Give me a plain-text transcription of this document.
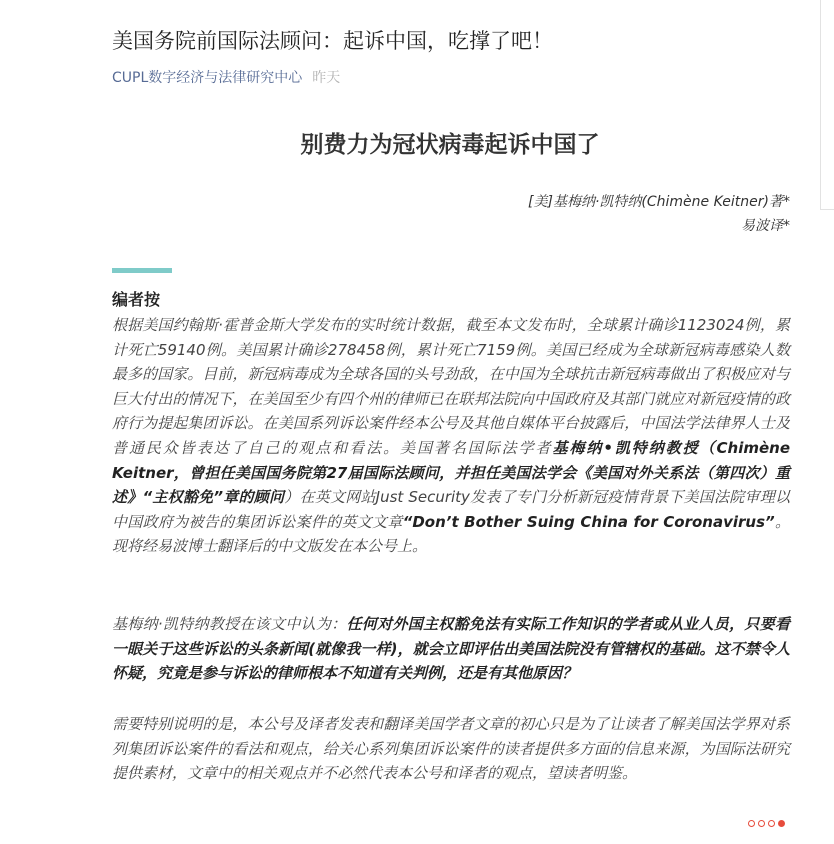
美国务院前国际法顾问：起诉中国，吃撑了吧！
CUPL数字经济与法律研究中心 昨天
别费力为冠状病毒起诉中国了
[美]基梅纳·凯特纳(Chimène Keitner)著*
易波译*
编者按

根据美国约翰斯·霍普金斯大学发布的实时统计数据，截至本文发布时，全球累计确诊1123024例，累计死亡59140例。美国累计确诊278458例，累计死亡7159例。美国已经成为全球新冠病毒感染人数最多的国家。目前，新冠病毒成为全球各国的头号劲敌，在中国为全球抗击新冠病毒做出了积极应对与巨大付出的情况下，在美国至少有四个州的律师已在联邦法院向中国政府及其部门就应对新冠疫情的政府行为提起集团诉讼。在美国系列诉讼案件经本公号及其他自媒体平台披露后，中国法学法律界人士及普通民众皆表达了自己的观点和看法。美国著名国际法学者基梅纳•凯特纳教授（Chimène Keitner，曾担任美国国务院第27届国际法顾问，并担任美国法学会《美国对外关系法（第四次）重述》“主权豁免”章的顾问）在英文网站Just Security发表了专门分析新冠疫情背景下美国法院审理以中国政府为被告的集团诉讼案件的英文文章“Don’t Bother Suing China for Coronavirus”。现将经易波博士翻译后的中文版发在本公号上。

基梅纳·凯特纳教授在该文中认为：任何对外国主权豁免法有实际工作知识的学者或从业人员，只要看一眼关于这些诉讼的头条新闻(就像我一样)，就会立即评估出美国法院没有管辖权的基础。这不禁令人怀疑，究竟是参与诉讼的律师根本不知道有关判例，还是有其他原因？

需要特别说明的是，本公号及译者发表和翻译美国学者文章的初心只是为了让读者了解美国法学界对系列集团诉讼案件的看法和观点，给关心系列集团诉讼案件的读者提供多方面的信息来源，为国际法研究提供素材，文章中的相关观点并不必然代表本公号和译者的观点，望读者明鉴。
